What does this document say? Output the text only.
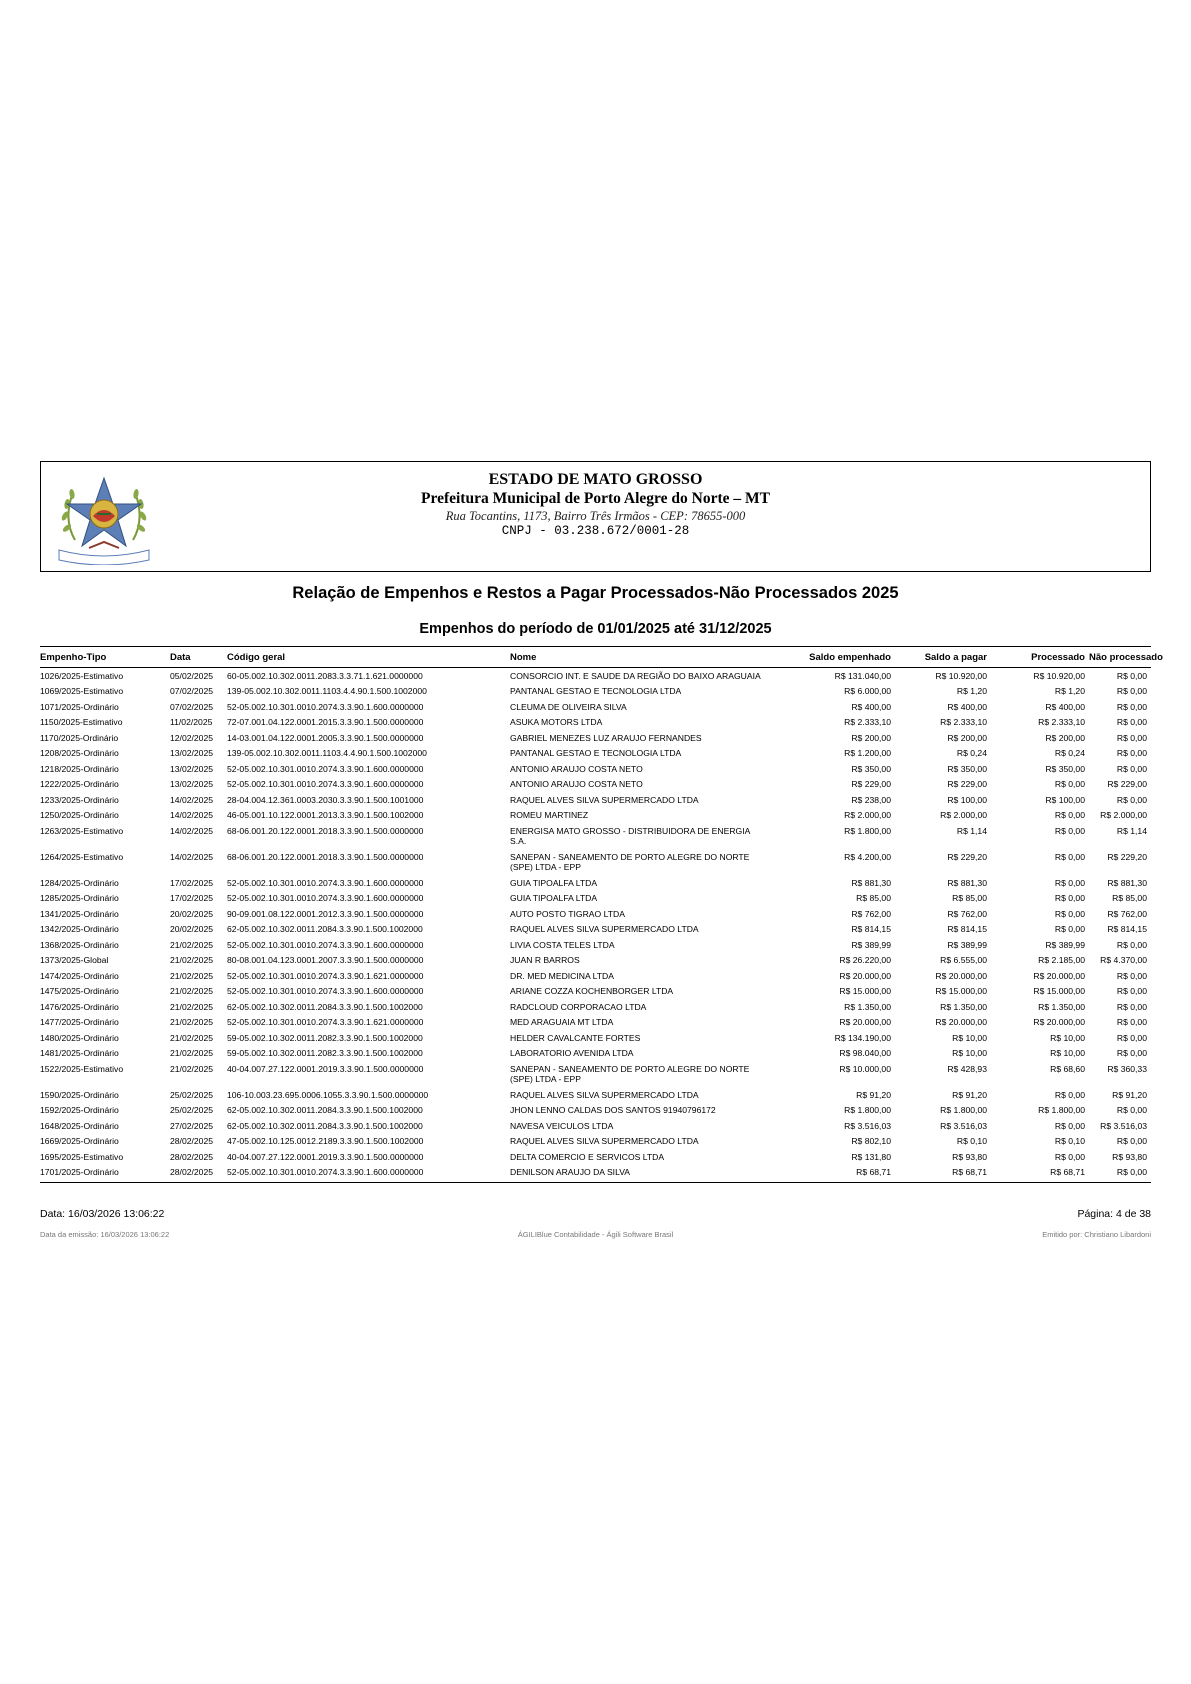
ESTADO DE MATO GROSSO
Prefeitura Municipal de Porto Alegre do Norte – MT
Rua Tocantins, 1173, Bairro Três Irmãos - CEP: 78655-000
CNPJ - 03.238.672/0001-28
Relação de Empenhos e Restos a Pagar Processados-Não Processados 2025
Empenhos do período de 01/01/2025 até 31/12/2025
Empenho-Tipo	Data	Código geral	Nome	Saldo empenhado	Saldo a pagar	Processado	Não processado
1026/2025-Estimativo	05/02/2025	60-05.002.10.302.0011.2083.3.3.71.1.621.0000000	CONSORCIO INT. E SAUDE DA REGIÃO DO BAIXO ARAGUAIA	R$ 131.040,00	R$ 10.920,00	R$ 10.920,00	R$ 0,00
1069/2025-Estimativo	07/02/2025	139-05.002.10.302.0011.1103.4.4.90.1.500.1002000	PANTANAL GESTAO E TECNOLOGIA LTDA	R$ 6.000,00	R$ 1,20	R$ 1,20	R$ 0,00
1071/2025-Ordinário	07/02/2025	52-05.002.10.301.0010.2074.3.3.90.1.600.0000000	CLEUMA DE OLIVEIRA SILVA	R$ 400,00	R$ 400,00	R$ 400,00	R$ 0,00
1150/2025-Estimativo	11/02/2025	72-07.001.04.122.0001.2015.3.3.90.1.500.0000000	ASUKA MOTORS LTDA	R$ 2.333,10	R$ 2.333,10	R$ 2.333,10	R$ 0,00
1170/2025-Ordinário	12/02/2025	14-03.001.04.122.0001.2005.3.3.90.1.500.0000000	GABRIEL MENEZES LUZ ARAUJO FERNANDES	R$ 200,00	R$ 200,00	R$ 200,00	R$ 0,00
1208/2025-Ordinário	13/02/2025	139-05.002.10.302.0011.1103.4.4.90.1.500.1002000	PANTANAL GESTAO E TECNOLOGIA LTDA	R$ 1.200,00	R$ 0,24	R$ 0,24	R$ 0,00
1218/2025-Ordinário	13/02/2025	52-05.002.10.301.0010.2074.3.3.90.1.600.0000000	ANTONIO ARAUJO COSTA NETO	R$ 350,00	R$ 350,00	R$ 350,00	R$ 0,00
1222/2025-Ordinário	13/02/2025	52-05.002.10.301.0010.2074.3.3.90.1.600.0000000	ANTONIO ARAUJO COSTA NETO	R$ 229,00	R$ 229,00	R$ 0,00	R$ 229,00
1233/2025-Ordinário	14/02/2025	28-04.004.12.361.0003.2030.3.3.90.1.500.1001000	RAQUEL ALVES SILVA SUPERMERCADO LTDA	R$ 238,00	R$ 100,00	R$ 100,00	R$ 0,00
1250/2025-Ordinário	14/02/2025	46-05.001.10.122.0001.2013.3.3.90.1.500.1002000	ROMEU MARTINEZ	R$ 2.000,00	R$ 2.000,00	R$ 0,00	R$ 2.000,00
1263/2025-Estimativo	14/02/2025	68-06.001.20.122.0001.2018.3.3.90.1.500.0000000	ENERGISA MATO GROSSO - DISTRIBUIDORA DE ENERGIA S.A.	R$ 1.800,00	R$ 1,14	R$ 0,00	R$ 1,14
1264/2025-Estimativo	14/02/2025	68-06.001.20.122.0001.2018.3.3.90.1.500.0000000	SANEPAN - SANEAMENTO DE PORTO ALEGRE DO NORTE (SPE) LTDA - EPP	R$ 4.200,00	R$ 229,20	R$ 0,00	R$ 229,20
1284/2025-Ordinário	17/02/2025	52-05.002.10.301.0010.2074.3.3.90.1.600.0000000	GUIA TIPOALFA LTDA	R$ 881,30	R$ 881,30	R$ 0,00	R$ 881,30
1285/2025-Ordinário	17/02/2025	52-05.002.10.301.0010.2074.3.3.90.1.600.0000000	GUIA TIPOALFA LTDA	R$ 85,00	R$ 85,00	R$ 0,00	R$ 85,00
1341/2025-Ordinário	20/02/2025	90-09.001.08.122.0001.2012.3.3.90.1.500.0000000	AUTO POSTO TIGRAO LTDA	R$ 762,00	R$ 762,00	R$ 0,00	R$ 762,00
1342/2025-Ordinário	20/02/2025	62-05.002.10.302.0011.2084.3.3.90.1.500.1002000	RAQUEL ALVES SILVA SUPERMERCADO LTDA	R$ 814,15	R$ 814,15	R$ 0,00	R$ 814,15
1368/2025-Ordinário	21/02/2025	52-05.002.10.301.0010.2074.3.3.90.1.600.0000000	LIVIA COSTA TELES LTDA	R$ 389,99	R$ 389,99	R$ 389,99	R$ 0,00
1373/2025-Global	21/02/2025	80-08.001.04.123.0001.2007.3.3.90.1.500.0000000	JUAN R BARROS	R$ 26.220,00	R$ 6.555,00	R$ 2.185,00	R$ 4.370,00
1474/2025-Ordinário	21/02/2025	52-05.002.10.301.0010.2074.3.3.90.1.621.0000000	DR. MED MEDICINA LTDA	R$ 20.000,00	R$ 20.000,00	R$ 20.000,00	R$ 0,00
1475/2025-Ordinário	21/02/2025	52-05.002.10.301.0010.2074.3.3.90.1.600.0000000	ARIANE COZZA KOCHENBORGER LTDA	R$ 15.000,00	R$ 15.000,00	R$ 15.000,00	R$ 0,00
1476/2025-Ordinário	21/02/2025	62-05.002.10.302.0011.2084.3.3.90.1.500.1002000	RADCLOUD CORPORACAO LTDA	R$ 1.350,00	R$ 1.350,00	R$ 1.350,00	R$ 0,00
1477/2025-Ordinário	21/02/2025	52-05.002.10.301.0010.2074.3.3.90.1.621.0000000	MED ARAGUAIA MT LTDA	R$ 20.000,00	R$ 20.000,00	R$ 20.000,00	R$ 0,00
1480/2025-Ordinário	21/02/2025	59-05.002.10.302.0011.2082.3.3.90.1.500.1002000	HELDER CAVALCANTE FORTES	R$ 134.190,00	R$ 10,00	R$ 10,00	R$ 0,00
1481/2025-Ordinário	21/02/2025	59-05.002.10.302.0011.2082.3.3.90.1.500.1002000	LABORATORIO AVENIDA LTDA	R$ 98.040,00	R$ 10,00	R$ 10,00	R$ 0,00
1522/2025-Estimativo	21/02/2025	40-04.007.27.122.0001.2019.3.3.90.1.500.0000000	SANEPAN - SANEAMENTO DE PORTO ALEGRE DO NORTE (SPE) LTDA - EPP	R$ 10.000,00	R$ 428,93	R$ 68,60	R$ 360,33
1590/2025-Ordinário	25/02/2025	106-10.003.23.695.0006.1055.3.3.90.1.500.0000000	RAQUEL ALVES SILVA SUPERMERCADO LTDA	R$ 91,20	R$ 91,20	R$ 0,00	R$ 91,20
1592/2025-Ordinário	25/02/2025	62-05.002.10.302.0011.2084.3.3.90.1.500.1002000	JHON LENNO CALDAS DOS SANTOS 91940796172	R$ 1.800,00	R$ 1.800,00	R$ 1.800,00	R$ 0,00
1648/2025-Ordinário	27/02/2025	62-05.002.10.302.0011.2084.3.3.90.1.500.1002000	NAVESA VEICULOS LTDA	R$ 3.516,03	R$ 3.516,03	R$ 0,00	R$ 3.516,03
1669/2025-Ordinário	28/02/2025	47-05.002.10.125.0012.2189.3.3.90.1.500.1002000	RAQUEL ALVES SILVA SUPERMERCADO LTDA	R$ 802,10	R$ 0,10	R$ 0,10	R$ 0,00
1695/2025-Estimativo	28/02/2025	40-04.007.27.122.0001.2019.3.3.90.1.500.0000000	DELTA COMERCIO E SERVICOS LTDA	R$ 131,80	R$ 93,80	R$ 0,00	R$ 93,80
1701/2025-Ordinário	28/02/2025	52-05.002.10.301.0010.2074.3.3.90.1.600.0000000	DENILSON ARAUJO DA SILVA	R$ 68,71	R$ 68,71	R$ 68,71	R$ 0,00
Data: 16/03/2026 13:06:22	Página: 4 de 38
Data da emissão: 16/03/2026 13:06:22	ÁGILIBlue Contabilidade - Ágili Software Brasil	Emitido por: Christiano Libardoni
